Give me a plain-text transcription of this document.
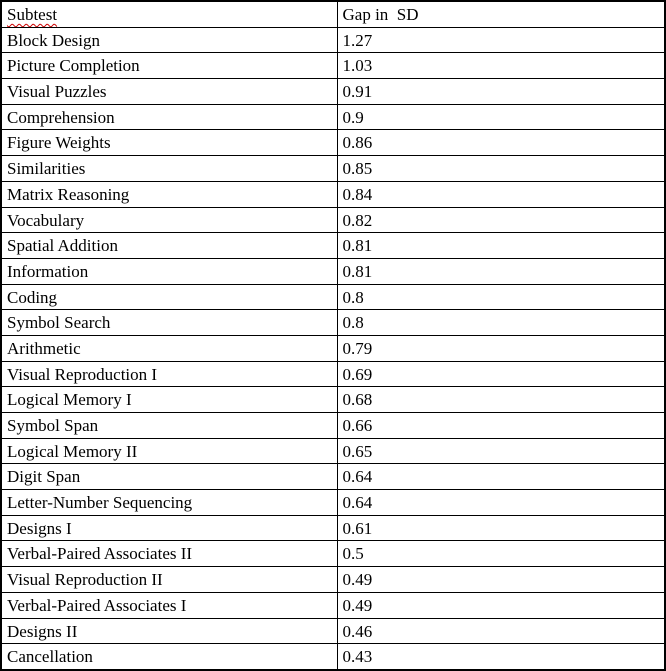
Subtest	Gap in  SD
Block Design	1.27
Picture Completion	1.03
Visual Puzzles	0.91
Comprehension	0.9
Figure Weights	0.86
Similarities	0.85
Matrix Reasoning	0.84
Vocabulary	0.82
Spatial Addition	0.81
Information	0.81
Coding	0.8
Symbol Search	0.8
Arithmetic	0.79
Visual Reproduction I	0.69
Logical Memory I	0.68
Symbol Span	0.66
Logical Memory II	0.65
Digit Span	0.64
Letter-Number Sequencing	0.64
Designs I	0.61
Verbal-Paired Associates II	0.5
Visual Reproduction II	0.49
Verbal-Paired Associates I	0.49
Designs II	0.46
Cancellation	0.43
